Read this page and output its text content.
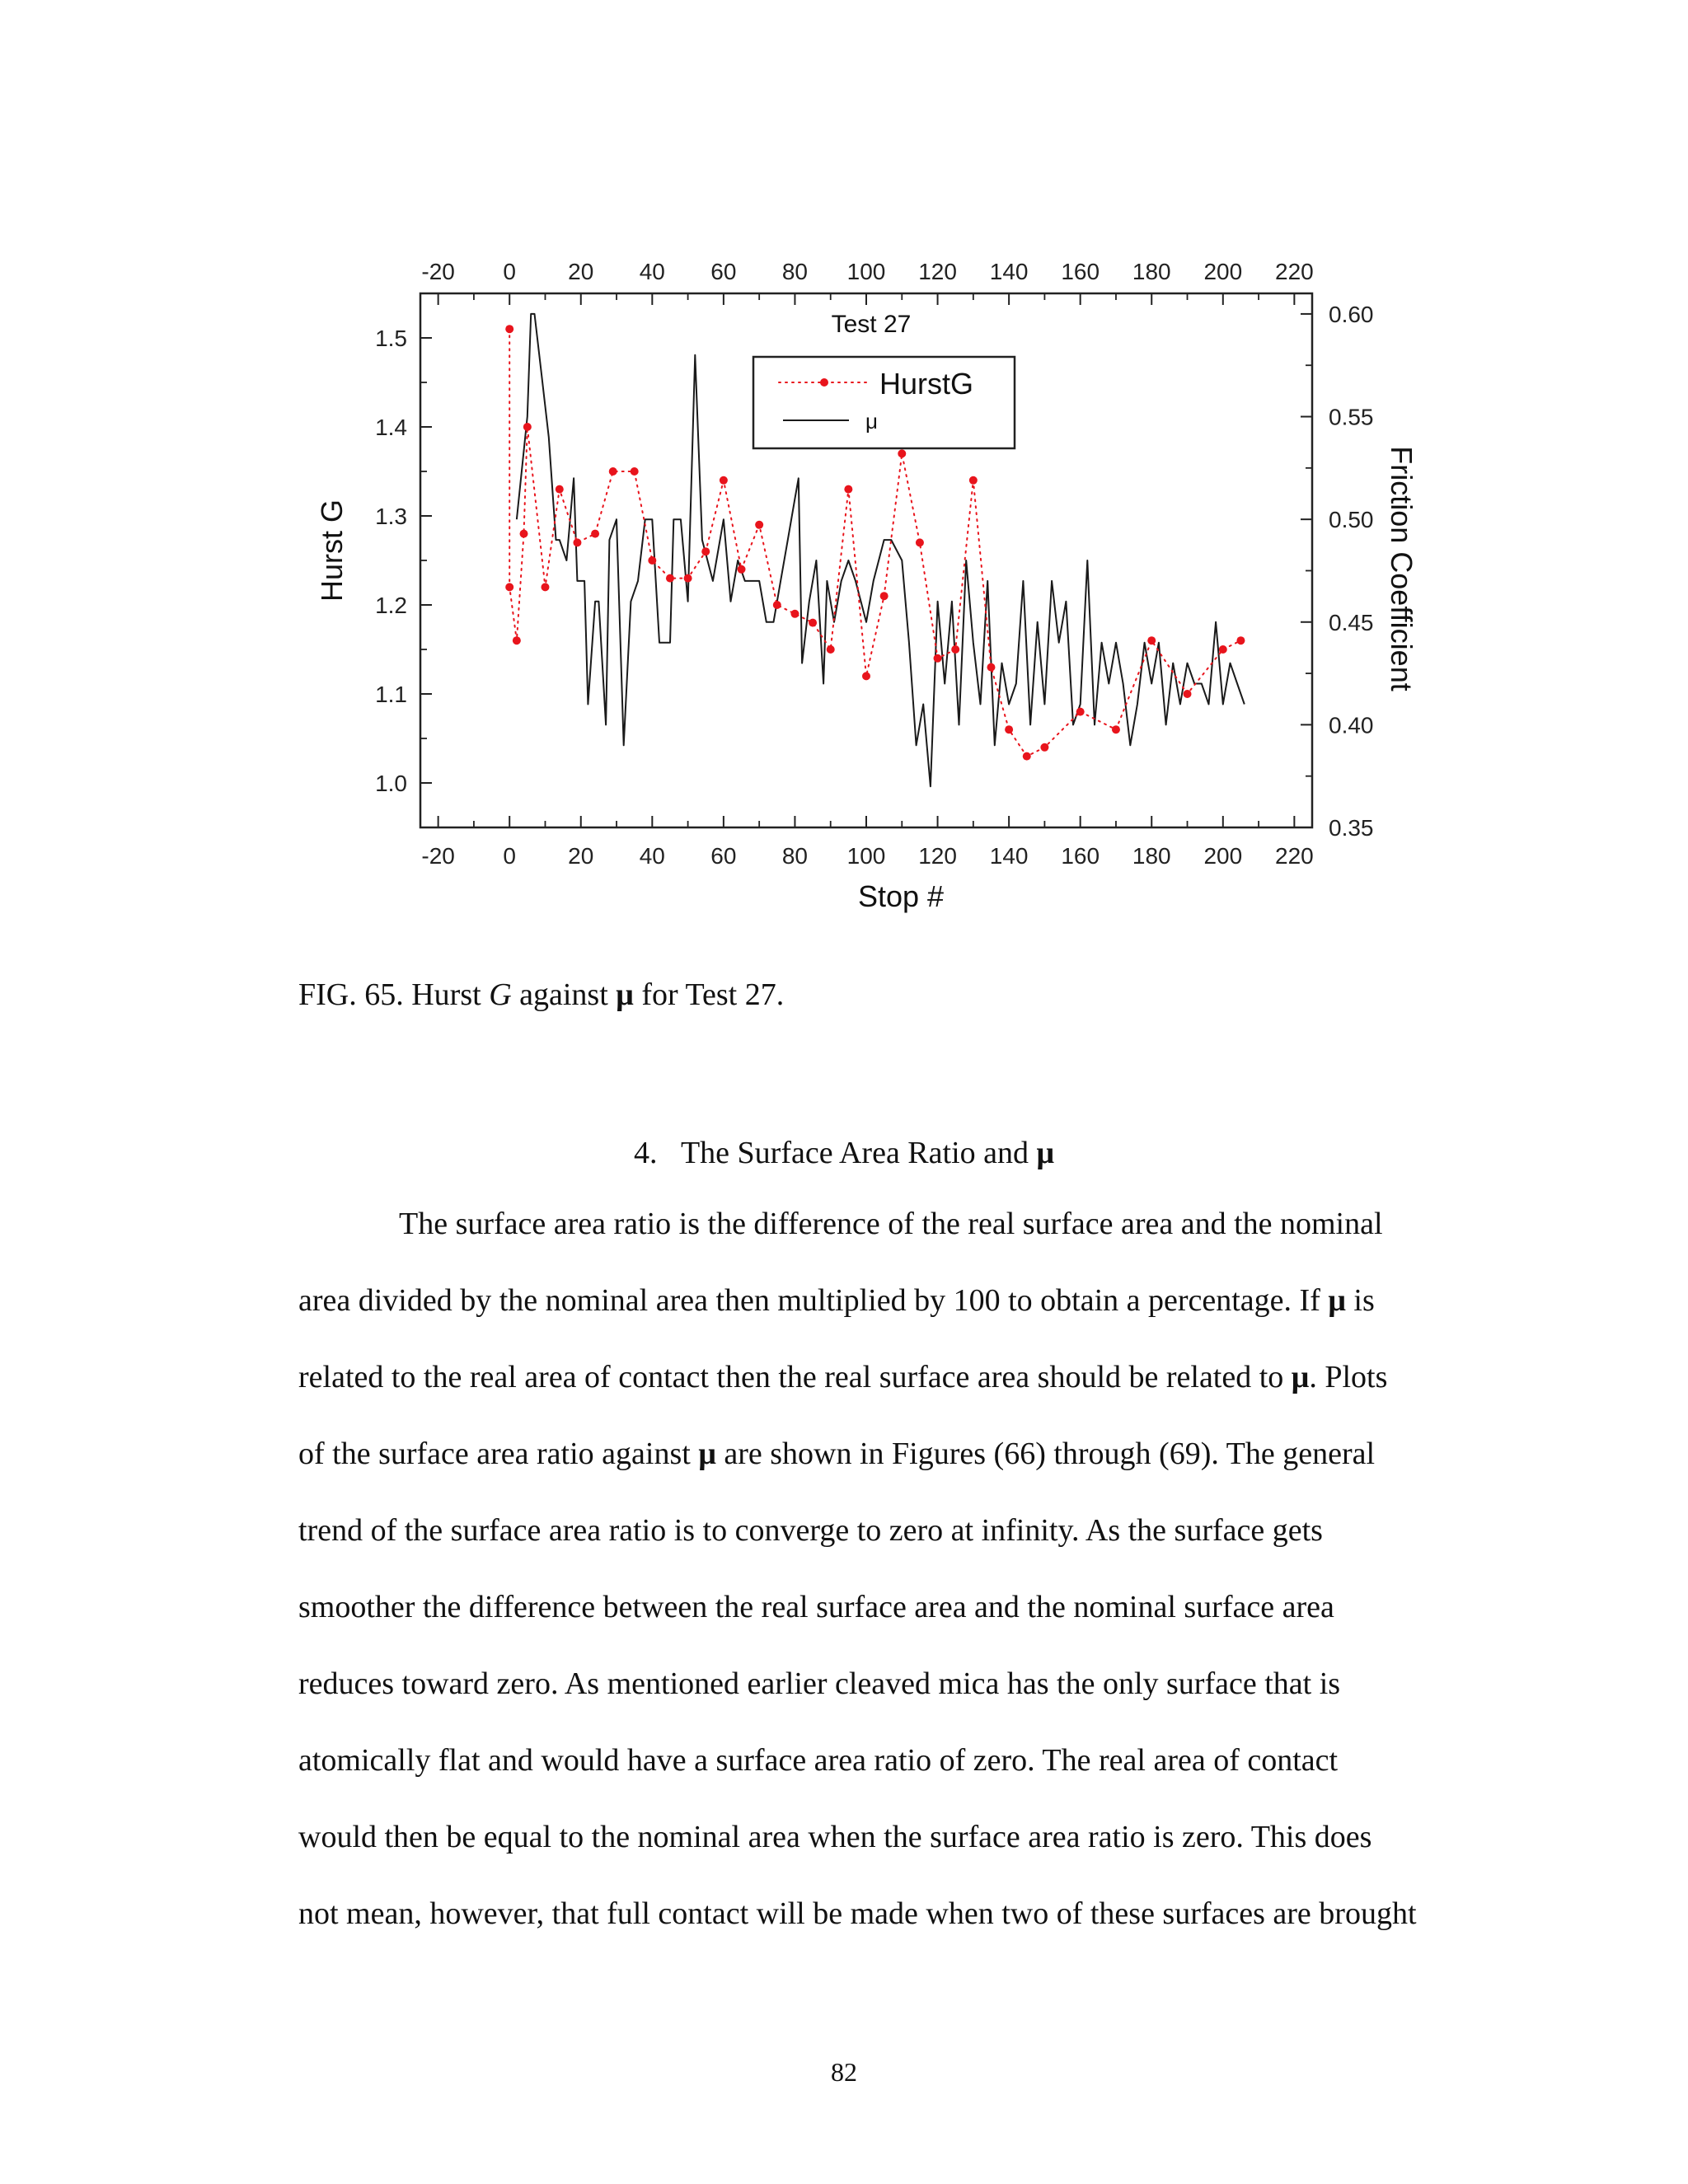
HurstG
μ
-20
-20
0
0
20
20
40
40
60
60
80
80
100
100
120
120
140
140
160
160
180
180
200
200
220
220
1.0
1.1
1.2
1.3
1.4
1.5
0.35
0.40
0.45
0.50
0.55
0.60
Stop #
Hurst G	Friction Coefficient
Test 27
FIG. 65. Hurst G against μ for Test 27.
4. The Surface Area Ratio and μ
The surface area ratio is the difference of the real surface area and the nominal
area divided by the nominal area then multiplied by 100 to obtain a percentage. If μ is
related to the real area of contact then the real surface area should be related to μ. Plots
of the surface area ratio against μ are shown in Figures (66) through (69). The general
trend of the surface area ratio is to converge to zero at infinity. As the surface gets
smoother the difference between the real surface area and the nominal surface area
reduces toward zero. As mentioned earlier cleaved mica has the only surface that is
atomically flat and would have a surface area ratio of zero. The real area of contact
would then be equal to the nominal area when the surface area ratio is zero. This does
not mean, however, that full contact will be made when two of these surfaces are brought
82
